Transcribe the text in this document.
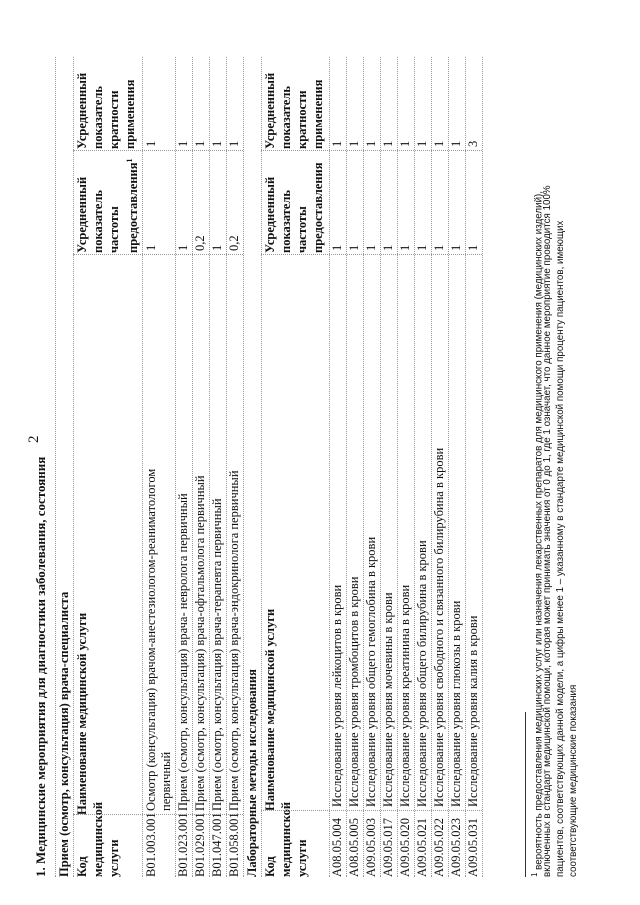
2
1. Медицинские мероприятия для диагностики заболевания, состояния Прием (осмотр, консультация) врача-специалиста Код медицинской услуги
Наименование медицинской услуги
Усредненный показатель частоты предоставления$^1$
Усредненный показатель кратности применения
B01.003.001
Осмотр (консультация) врачом-анестезиологом-реаниматологом первичный
1
1
B01.023.001
Прием (осмотр, консультация) врача- невролога первичный
1
1
B01.029.001
Прием (осмотр, консультация) врача-офтальмолога первичный
0,2
1
B01.047.001
Прием (осмотр, консультация) врача-терапевта первичный
1
1
B01.058.001
Прием (осмотр, консультация) врача-эндокринолога первичный
0,2
1
Лабораторные методы исследования Код медицинской услуги
Наименование медицинской услуги
Усредненный показатель частоты предоставления
Усредненный показатель кратности применения
A08.05.004
Исследование уровня лейкоцитов в крови
1
1
A08.05.005
Исследование уровня тромбоцитов в крови
1
1
A09.05.003
Исследование уровня общего гемоглобина в крови
1
1
A09.05.017
Исследование уровня мочевины в крови
1
1
A09.05.020
Исследование уровня креатинина в крови
1
1
A09.05.021
Исследование уровня общего билирубина в крови
1
1
A09.05.022
Исследование уровня свободного и связанного билирубина в крови
1
1
A09.05.023
Исследование уровня глюкозы в крови
1
1
A09.05.031
Исследование уровня калия в крови
1
3
$^1$ вероятность предоставления медицинских услуг или назначения лекарственных препаратов для медицинского применения (медицинских изделий),
включенных в стандарт медицинской помощи, которая может принимать значения от 0 до 1, где 1 означает, что данное мероприятие проводится 100% пациентов, соответствующих данной модели, а цифры менее 1 – указанному в стандарте медицинской помощи проценту пациентов, имеющих соответствующие медицинские показания
